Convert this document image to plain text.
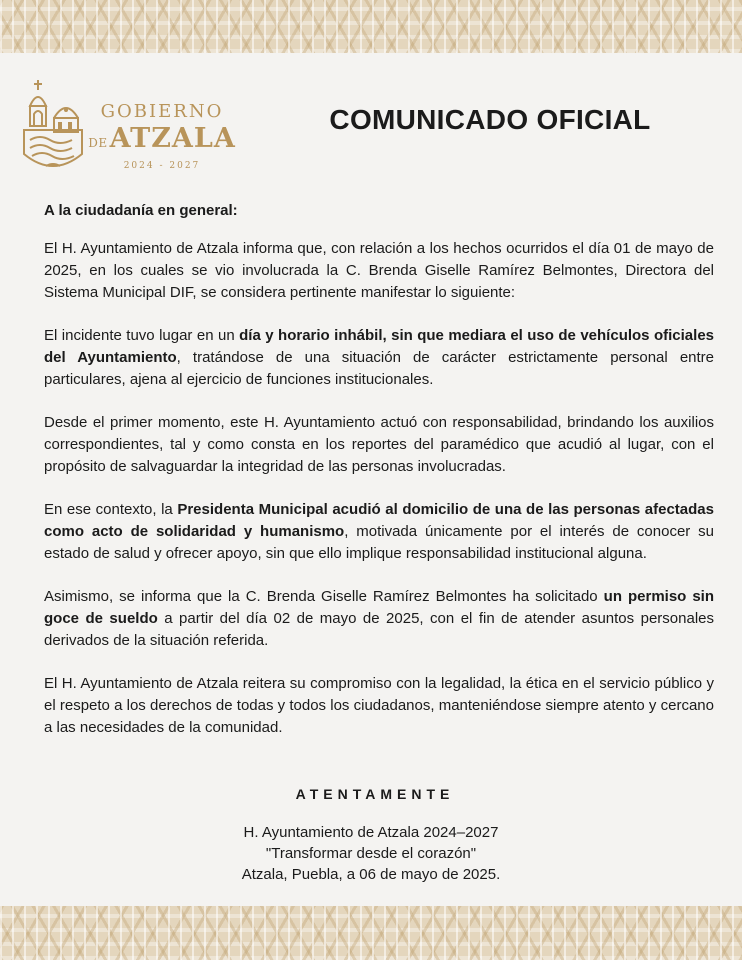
GOBIERNO
DE ATZALA
2024 - 2027
COMUNICADO OFICIAL

A la ciudadanía en general:

El H. Ayuntamiento de Atzala informa que, con relación a los hechos ocurridos el día 01 de mayo de 2025, en los cuales se vio involucrada la C. Brenda Giselle Ramírez Belmontes, Directora del Sistema Municipal DIF, se considera pertinente manifestar lo siguiente:

El incidente tuvo lugar en un día y horario inhábil, sin que mediara el uso de vehículos oficiales del Ayuntamiento, tratándose de una situación de carácter estrictamente personal entre particulares, ajena al ejercicio de funciones institucionales.

Desde el primer momento, este H. Ayuntamiento actuó con responsabilidad, brindando los auxilios correspondientes, tal y como consta en los reportes del paramédico que acudió al lugar, con el propósito de salvaguardar la integridad de las personas involucradas.

En ese contexto, la Presidenta Municipal acudió al domicilio de una de las personas afectadas como acto de solidaridad y humanismo, motivada únicamente por el interés de conocer su estado de salud y ofrecer apoyo, sin que ello implique responsabilidad institucional alguna.

Asimismo, se informa que la C. Brenda Giselle Ramírez Belmontes ha solicitado un permiso sin goce de sueldo a partir del día 02 de mayo de 2025, con el fin de atender asuntos personales derivados de la situación referida.

El H. Ayuntamiento de Atzala reitera su compromiso con la legalidad, la ética en el servicio público y el respeto a los derechos de todas y todos los ciudadanos, manteniéndose siempre atento y cercano a las necesidades de la comunidad.

ATENTAMENTE
H. Ayuntamiento de Atzala 2024–2027
"Transformar desde el corazón"
Atzala, Puebla, a 06 de mayo de 2025.
